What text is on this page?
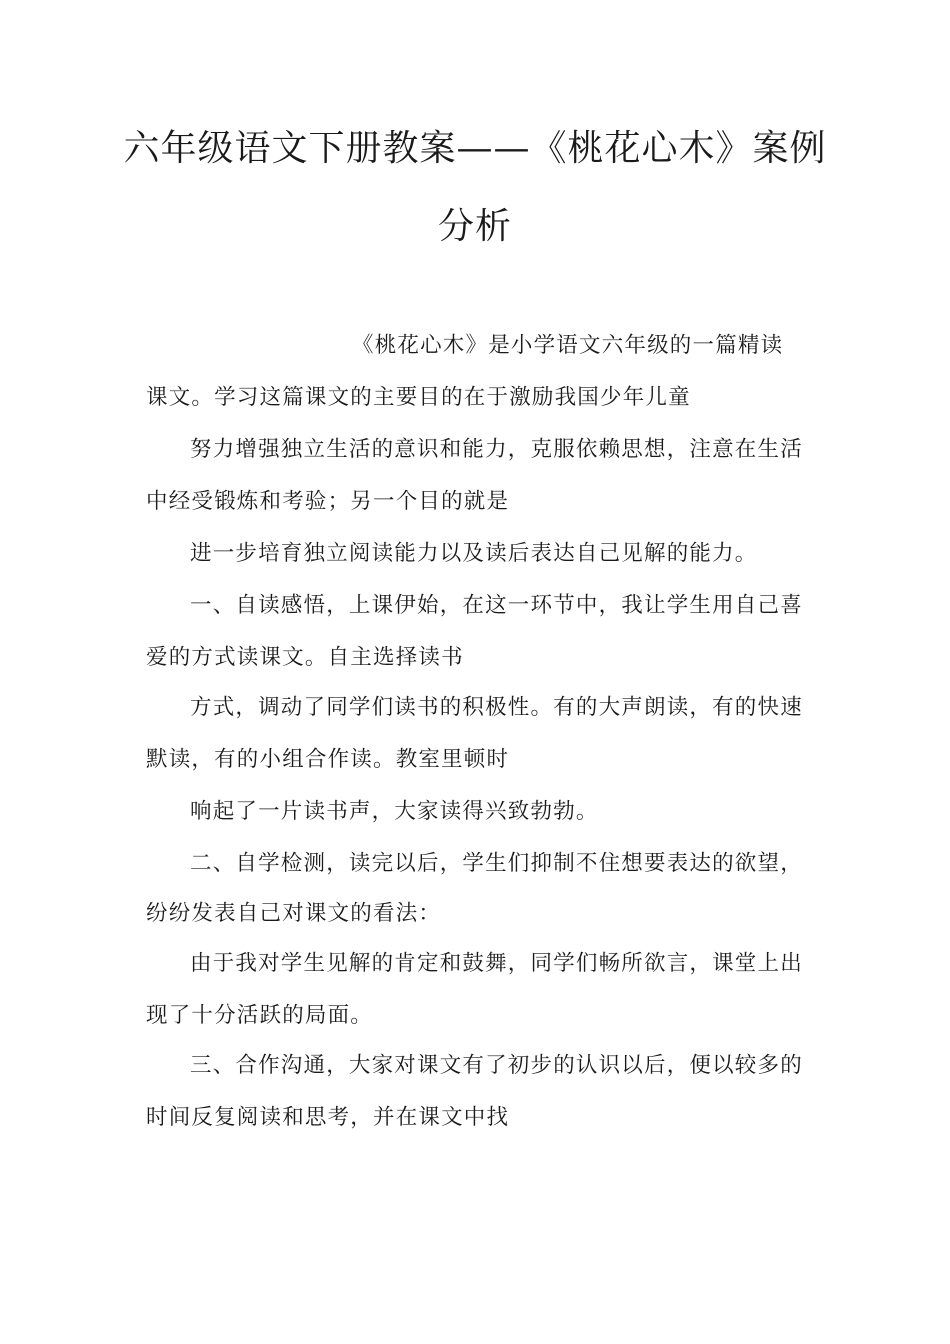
六年级语文下册教案——《桃花心木》案例
分析

《桃花心木》是小学语文六年级的一篇精读

课文。学习这篇课文的主要目的在于激励我国少年儿童

努力增强独立生活的意识和能力，克服依赖思想，注意在生活

中经受锻炼和考验；另一个目的就是

进一步培育独立阅读能力以及读后表达自己见解的能力。

一、自读感悟，上课伊始，在这一环节中，我让学生用自己喜

爱的方式读课文。自主选择读书

方式，调动了同学们读书的积极性。有的大声朗读，有的快速

默读，有的小组合作读。教室里顿时

响起了一片读书声，大家读得兴致勃勃。

二、自学检测，读完以后，学生们抑制不住想要表达的欲望，

纷纷发表自己对课文的看法：

由于我对学生见解的肯定和鼓舞，同学们畅所欲言，课堂上出

现了十分活跃的局面。

三、合作沟通，大家对课文有了初步的认识以后，便以较多的

时间反复阅读和思考，并在课文中找
